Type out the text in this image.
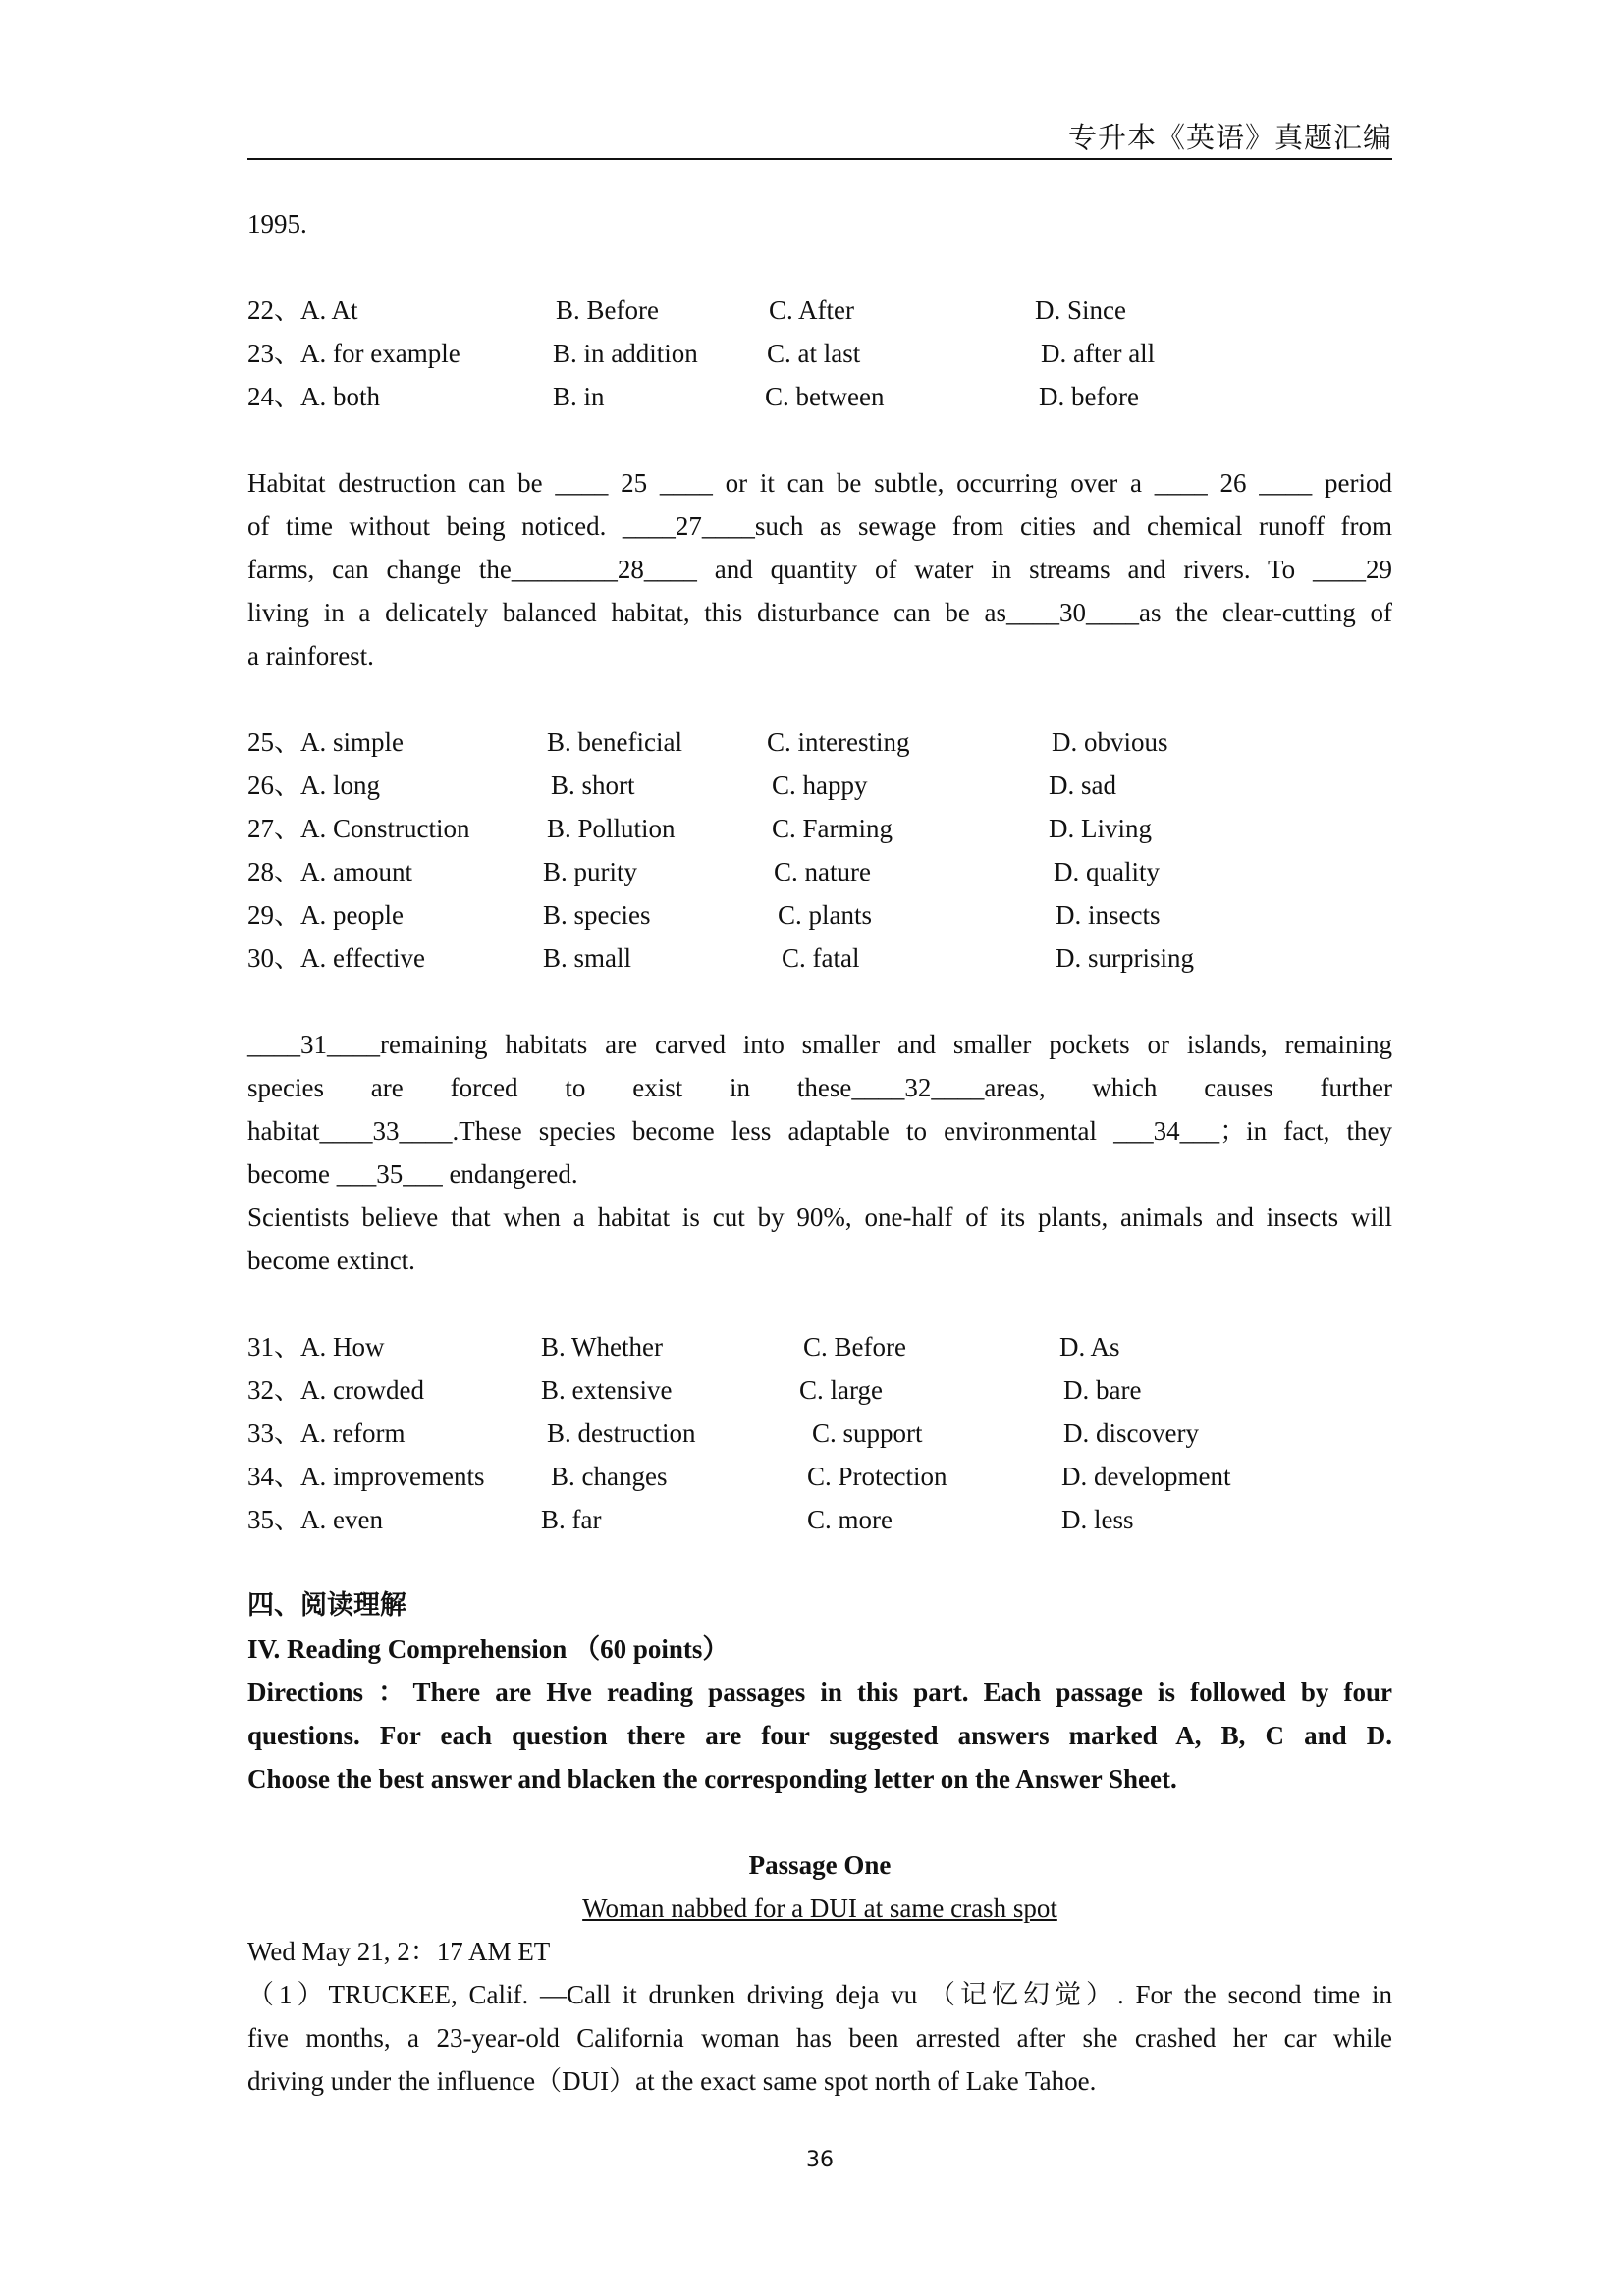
专升本《英语》真题汇编
1995.
22、A. At	B. Before	C. After	D. Since
23、A. for example	B. in addition	C. at last	D. after all
24、A. both	B. in	C. between	D. before
Habitat destruction can be ____ 25 ____ or it can be subtle, occurring over a ____ 26 ____ period
of time without being noticed. ____27____such as sewage from cities and chemical runoff from
farms, can change the________28____ and quantity of water in streams and rivers. To ____29
living in a delicately balanced habitat, this disturbance can be as____30____as the clear-cutting of
a rainforest.
25、A. simple	B. beneficial	C. interesting	D. obvious
26、A. long	B. short	C. happy	D. sad
27、A. Construction	B. Pollution	C. Farming	D. Living
28、A. amount	B. purity	C. nature	D. quality
29、A. people	B. species	C. plants	D. insects
30、A. effective	B. small	C. fatal	D. surprising
____31____remaining habitats are carved into smaller and smaller pockets or islands, remaining
species are forced to exist in these____32____areas, which causes further
habitat____33____.These species become less adaptable to environmental ___34___；in fact, they
become ___35___ endangered.
Scientists believe that when a habitat is cut by 90%, one-half of its plants, animals and insects will
become extinct.
31、A. How	B. Whether	C. Before	D. As
32、A. crowded	B. extensive	C. large	D. bare
33、A. reform	B. destruction	C. support	D. discovery
34、A. improvements	B. changes	C. Protection	D. development
35、A. even	B. far	C. more	D. less
四、阅读理解
IV. Reading Comprehension （60 points）
Directions ：There are Hve reading passages in this part. Each passage is followed by four
questions. For each question there are four suggested answers marked A, B, C and D.
Choose the best answer and blacken the corresponding letter on the Answer Sheet.
Passage One
Woman nabbed for a DUI at same crash spot
Wed May 21, 2：17 AM ET
（1）TRUCKEE, Calif. —Call it drunken driving deja vu （记忆幻觉）. For the second time in
five months, a 23-year-old California woman has been arrested after she crashed her car while
driving under the influence（DUI）at the exact same spot north of Lake Tahoe.
36
